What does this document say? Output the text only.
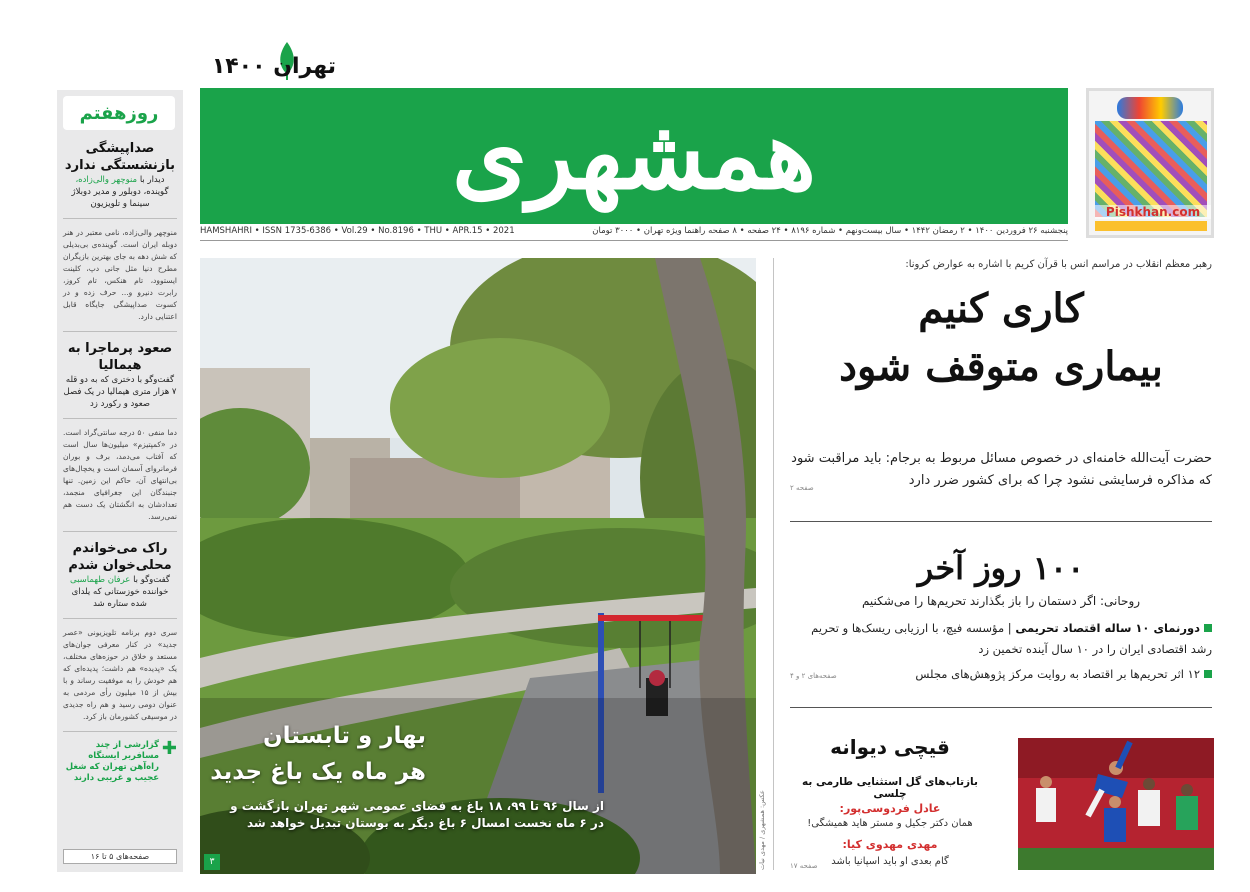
تهران ۱۴۰۰
همشهری
پنجشنبه ۲۶ فروردین ۱۴۰۰ • ۲ رمضان ۱۴۴۲ • سال بیست‌ونهم • شماره ۸۱۹۶ • ۲۴ صفحه • ۸ صفحه راهنما ویژه تهران • ۳۰۰۰ تومان
HAMSHAHRI • ISSN 1735-6386 • Vol.29 • No.8196 • THU • APR.15 • 2021
Pishkhan.com
روزهفتم
صداپیشگی بازنشستگی ندارد
دیدار با منوچهر والی‌زاده، گوینده، دوبلور و مدیر دوبلاژ سینما و تلویزیون
منوچهر والی‌زاده، نامی معتبر در هنر دوبله ایران است. گوینده‌ی بی‌بدیلی که شش دهه به جای بهترین بازیگران مطرح دنیا مثل جانی دپ، کلینت ایستوود، تام هنکس، تام کروز، رابرت دنیرو و... حرف زده و در کسوت صداپیشگی جایگاه قابل اعتنایی دارد.
صعود پرماجرا به هیمالیا
گفت‌وگو با دختری که به دو قله ۷ هزار متری هیمالیا در یک فصل صعود و رکورد زد
دما منفی ۵۰ درجه سانتی‌گراد است. در «کمپتیزم» میلیون‌ها سال است که آفتاب می‌دمد، برف و بوران فرمانروای آسمان است و یخچال‌های بی‌انتهای آن، حاکم این زمین. تنها جنبندگان این جغرافیای منجمد، تعدادشان به انگشتان یک دست هم نمی‌رسد.
راک می‌خواندم محلی‌خوان شدم
گفت‌وگو با عرفان طهماسبی خواننده خوزستانی که یلدا‌ی شده ستاره شد
سری دوم برنامه تلویزیونی «عصر جدید» در کنار معرفی جوان‌های مستعد و خلاق در حوزه‌های مختلف، یک «پدیده» هم داشت؛ پدیده‌ای که هم خودش را به موفقیت رساند و با بیش از ۱۵ میلیون رأی مردمی به عنوان دومی رسید و هم راه جدیدی در موسیقی کشورمان باز کرد.
✚
گزارشی از چند مسافربر ایستگاه راه‌آهن تهران که شغل عجیب و غریبی دارند
صفحه‌های ۵ تا ۱۶
بهار و تابستان
هر ماه یک باغ جدید
از سال ۹۶ تا ۹۹، ۱۸ باغ به فضای عمومی شهر تهران بازگشت و در ۶ ماه نخست امسال ۶ باغ دیگر به بوستان تبدیل خواهد شد
۳	عکس: همشهری / مهدی نیات
رهبر معظم انقلاب در مراسم انس با قرآن کریم با اشاره به عوارض کرونا:
کاری کنیم
بیماری متوقف شود
حضرت آیت‌الله خامنه‌ای در خصوص مسائل مربوط به برجام: باید مراقبت شود که مذاکره فرسایشی نشود چرا که برای کشور ضرر دارد
صفحه ۲
۱۰۰ روز آخر
روحانی: اگر دستمان را باز بگذارند تحریم‌ها را می‌شکنیم
دورنمای ۱۰ ساله اقتصاد تحریمی | مؤسسه فیچ، با ارزیابی ریسک‌ها و تحریم رشد اقتصادی ایران را در ۱۰ سال آینده تخمین زد
۱۲ اثر تحریم‌ها بر اقتصاد به روایت مرکز پژوهش‌های مجلس
صفحه‌های ۲ و ۴
قیچی دیوانه
بازتاب‌های گل استثنایی طارمی به چلسی
عادل فردوسی‌پور:
همان دکتر جکیل و مستر هاید همیشگی!
مهدی مهدوی کیا:
گام بعدی او باید اسپانیا باشد
صفحه ۱۷
